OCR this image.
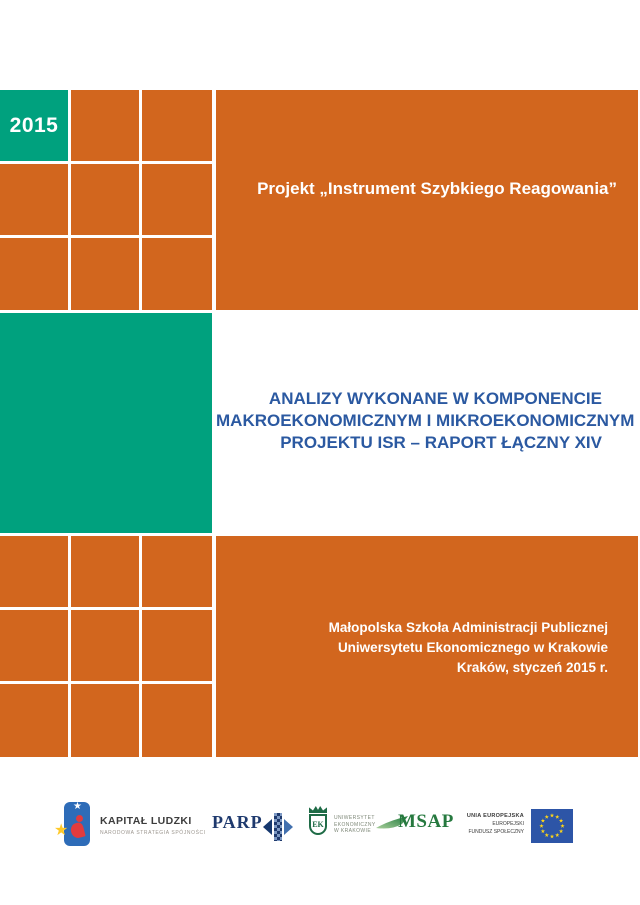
2015
Projekt „Instrument Szybkiego Reagowania”
ANALIZY WYKONANE W KOMPONENCIE
MAKROEKONOMICZNYM I MIKROEKONOMICZNYM
PROJEKTU ISR – RAPORT ŁĄCZNY XIV
Małopolska Szkoła Administracji Publicznej
Uniwersytetu Ekonomicznego w Krakowie
Kraków, styczeń 2015 r.
★
★
KAPITAŁ LUDZKI
NARODOWA STRATEGIA SPÓJNOŚCI
PARP	EK
UNIWERSYTET
EKONOMICZNY
W KRAKOWIE MSAP	UNIA EUROPEJSKA
EUROPEJSKI
FUNDUSZ SPOŁECZNY
